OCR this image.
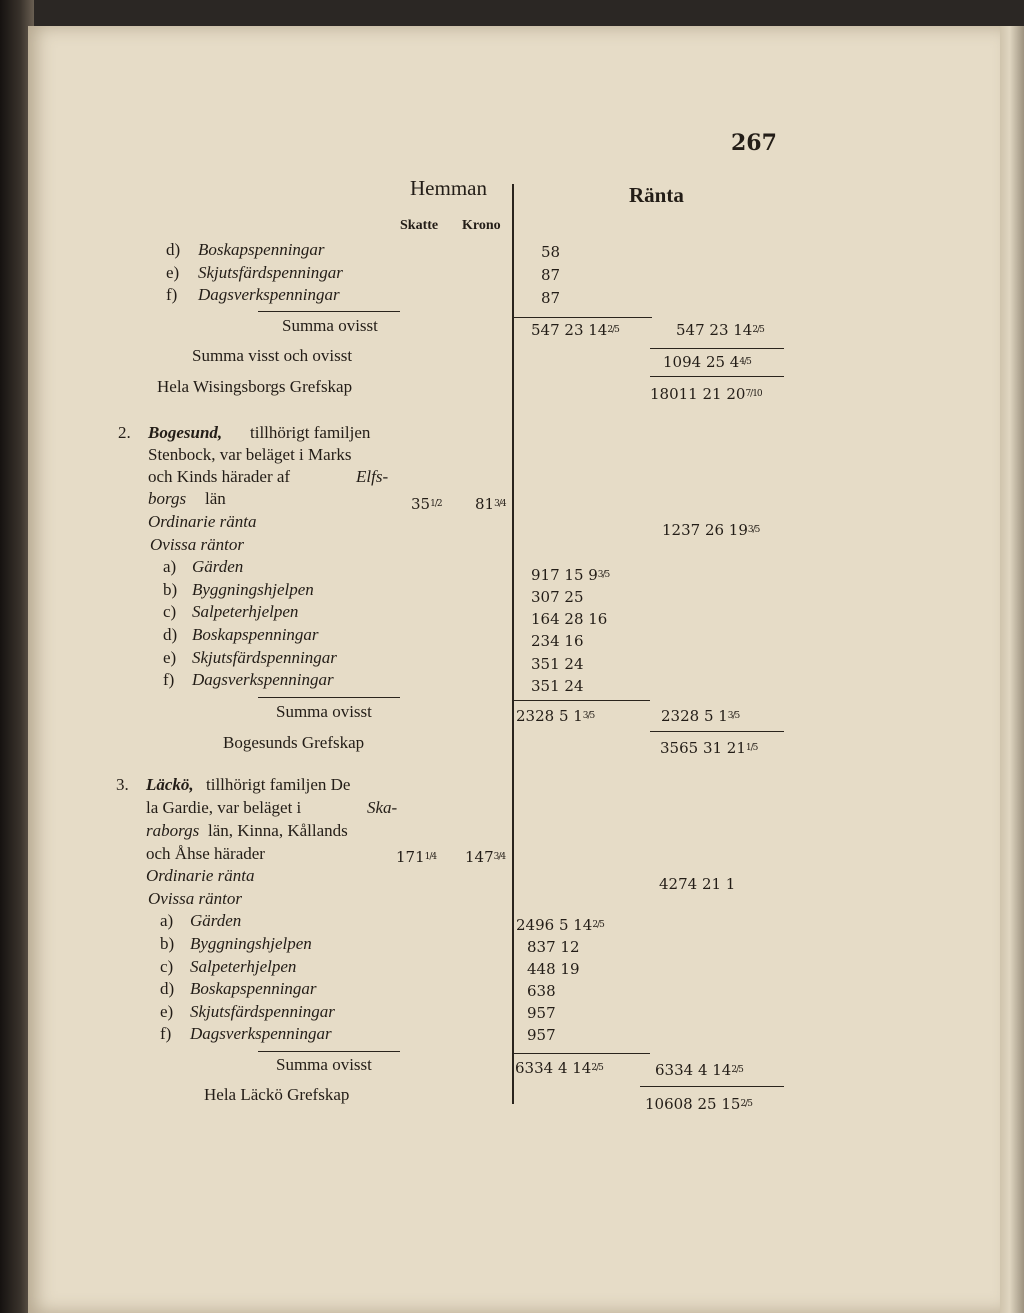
267
Hemman
Skatte Krono
Ränta
d) Boskapspenningar	58
e) Skjutsfärdspenningar	87
f) Dagsverkspenningar	87
Summa ovisst	547 23 $14^{2/5}$	547 23 $14^{2/5}$
Summa visst och ovisst	1094 25 $4^{4/5}$
Hela Wisingsborgs Grefskap	18011 21 $20^{7/10}$
2. Bogesund, tillhörigt familjen
Stenbock, var beläget i Marks
och Kinds härader af	Elfs-
borgs län	$35^{1/2}$ $81^{3/4}$
Ordinarie ränta	1237 26 $19^{3/5}$
Ovissa räntor
a) Gärden	917 15 $9^{3/5}$
b) Byggningshjelpen	307 25
c) Salpeterhjelpen	164 28 16
d) Boskapspenningar	234 16
e) Skjutsfärdspenningar	351 24
f) Dagsverkspenningar	351 24
Summa ovisst	2328 5 $1^{3/5}$	2328 5 $1^{3/5}$
Bogesunds Grefskap	3565 31 $21^{1/5}$
3. Läckö, tillhörigt familjen De
la Gardie, var beläget i	Ska-
raborgs län, Kinna, Kållands
och Åhse härader	$171^{1/4}$ $147^{3/4}$
Ordinarie ränta	4274 21 1
Ovissa räntor
a) Gärden	2496 5 $14^{2/5}$
b) Byggningshjelpen	837 12
c) Salpeterhjelpen	448 19
d) Boskapspenningar	638
e) Skjutsfärdspenningar	957
f) Dagsverkspenningar	957
Summa ovisst	6334 4 $14^{2/5}$	6334 4 $14^{2/5}$
Hela Läckö Grefskap	10608 25 $15^{2/5}$
